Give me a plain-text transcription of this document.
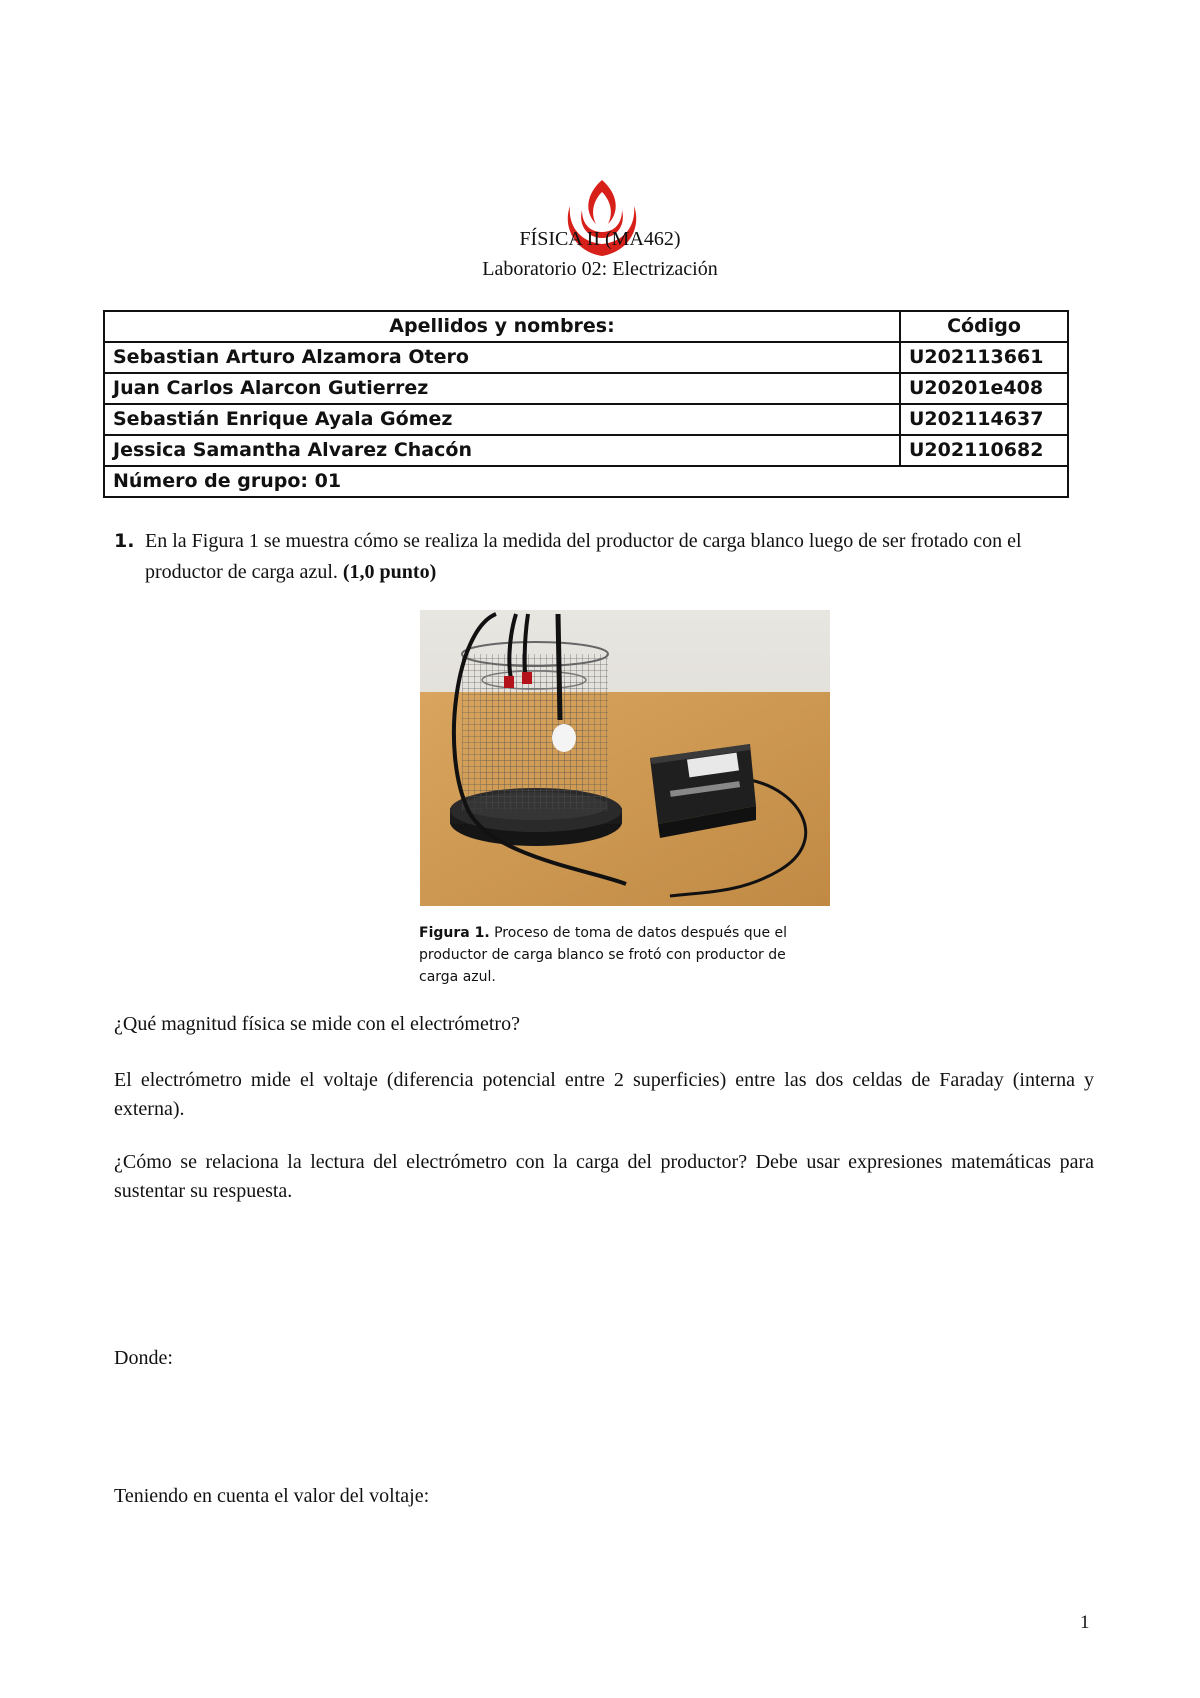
FÍSICA II (MA462)
Laboratorio 02: Electrización
Apellidos y nombres:	Código
Sebastian Arturo Alzamora Otero	U202113661
Juan Carlos Alarcon Gutierrez	U20201e408
Sebastián Enrique Ayala Gómez	U202114637
Jessica Samantha Alvarez Chacón	U202110682
Número de grupo: 01	
1. En la Figura 1 se muestra cómo se realiza la medida del productor de carga blanco luego de ser frotado con el productor de carga azul. (1,0 punto)
Figura 1. Proceso de toma de datos después que el productor de carga blanco se frotó con productor de carga azul.
¿Qué magnitud física se mide con el electrómetro?
El electrómetro mide el voltaje (diferencia potencial entre 2 superficies) entre las dos celdas de Faraday (interna y externa).
¿Cómo se relaciona la lectura del electrómetro con la carga del productor? Debe usar expresiones matemáticas para sustentar su respuesta.
Donde:
Teniendo en cuenta el valor del voltaje:
1
